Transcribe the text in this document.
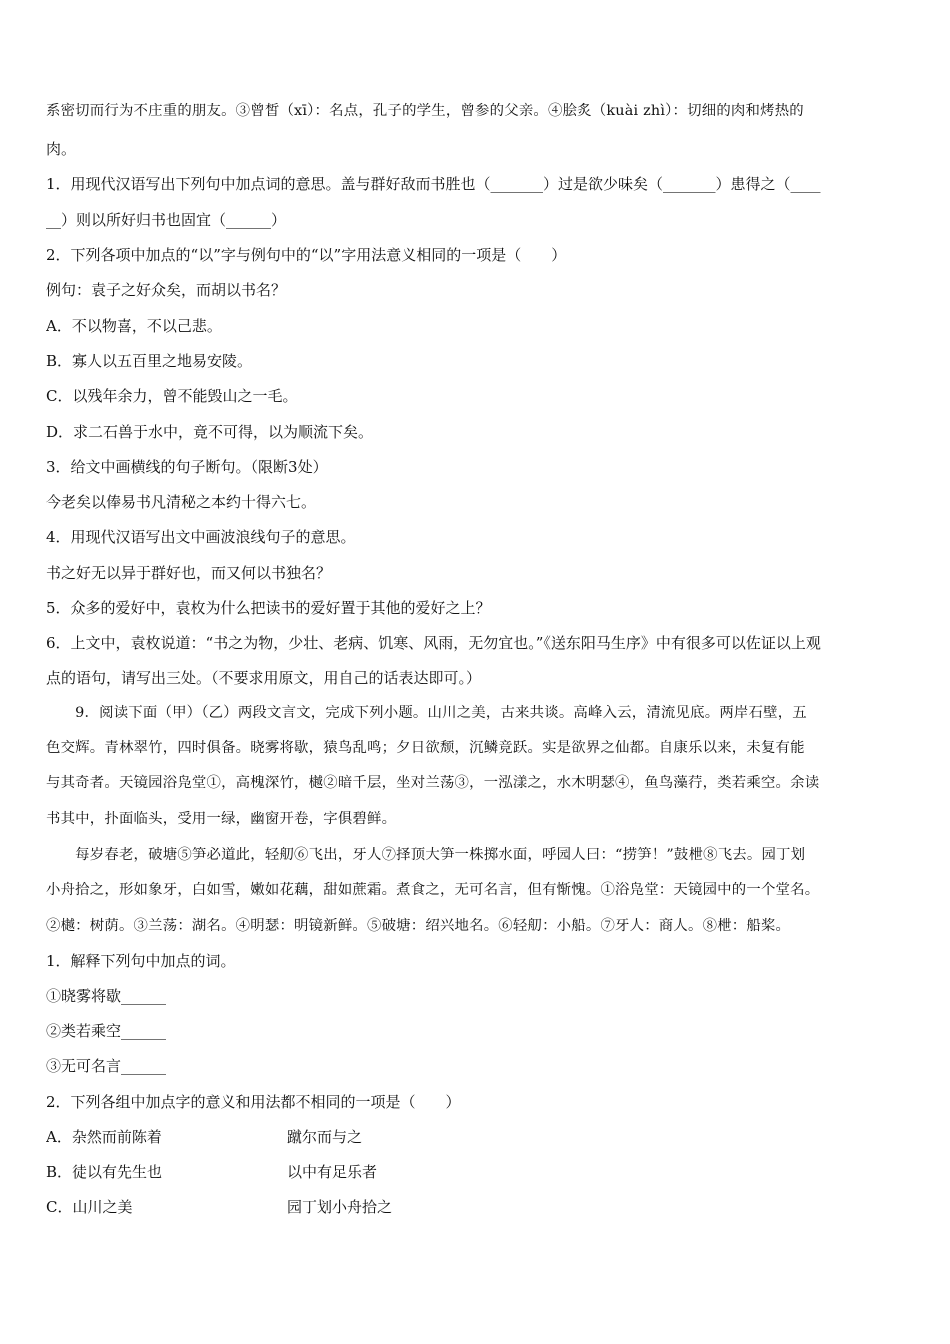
系密切而行为不庄重的朋友。③曾皙（xī）：名点，孔子的学生，曾参的父亲。④脍炙（kuài zhì）：切细的肉和烤热的
肉。
1．用现代汉语写出下列句中加点词的意思。盖与群好敌而书胜也（_______）过是欲少味矣（_______）患得之（____
__）则以所好归书也固宜（______）
2．下列各项中加点的“以”字与例句中的“以”字用法意义相同的一项是（　　）
例句：袁子之好众矣，而胡以书名？
A．不以物喜，不以己悲。
B．寡人以五百里之地易安陵。
C．以残年余力，曾不能毁山之一毛。
D．求二石兽于水中，竟不可得，以为顺流下矣。
3．给文中画横线的句子断句。（限断3处）
今老矣以俸易书凡清秘之本约十得六七。
4．用现代汉语写出文中画波浪线句子的意思。
书之好无以异于群好也，而又何以书独名？
5．众多的爱好中，袁枚为什么把读书的爱好置于其他的爱好之上？
6．上文中，袁枚说道：“书之为物，少壮、老病、饥寒、风雨，无勿宜也。”《送东阳马生序》中有很多可以佐证以上观
点的语句，请写出三处。（不要求用原文，用自己的话表达即可。）
　　9．阅读下面（甲）（乙）两段文言文，完成下列小题。山川之美，古来共谈。高峰入云，清流见底。两岸石壁，五
色交辉。青林翠竹，四时俱备。晓雾将歇，猿鸟乱鸣；夕日欲颓，沉鳞竞跃。实是欲界之仙都。自康乐以来，未复有能
与其奇者。天镜园浴凫堂①，高槐深竹，樾②暗千层，坐对兰荡③，一泓漾之，水木明瑟④，鱼鸟藻荇，类若乘空。余读
书其中，扑面临头，受用一绿，幽窗开卷，字俱碧鲜。
　　每岁春老，破塘⑤笋必道此，轻舠⑥飞出，牙人⑦择顶大笋一株掷水面，呼园人曰：“捞笋！”鼓枻⑧飞去。园丁划
小舟拾之，形如象牙，白如雪，嫩如花藕，甜如蔗霜。煮食之，无可名言，但有惭愧。①浴凫堂：天镜园中的一个堂名。
②樾：树荫。③兰荡：湖名。④明瑟：明镜新鲜。⑤破塘：绍兴地名。⑥轻舠：小船。⑦牙人：商人。⑧枻：船桨。
1．解释下列句中加点的词。
①晓雾将歇______
②类若乘空______
③无可名言______
2．下列各组中加点字的意义和用法都不相同的一项是（　　）
A．杂然而前陈着	蹴尔而与之
B．徒以有先生也	以中有足乐者
C．山川之美	园丁划小舟拾之
